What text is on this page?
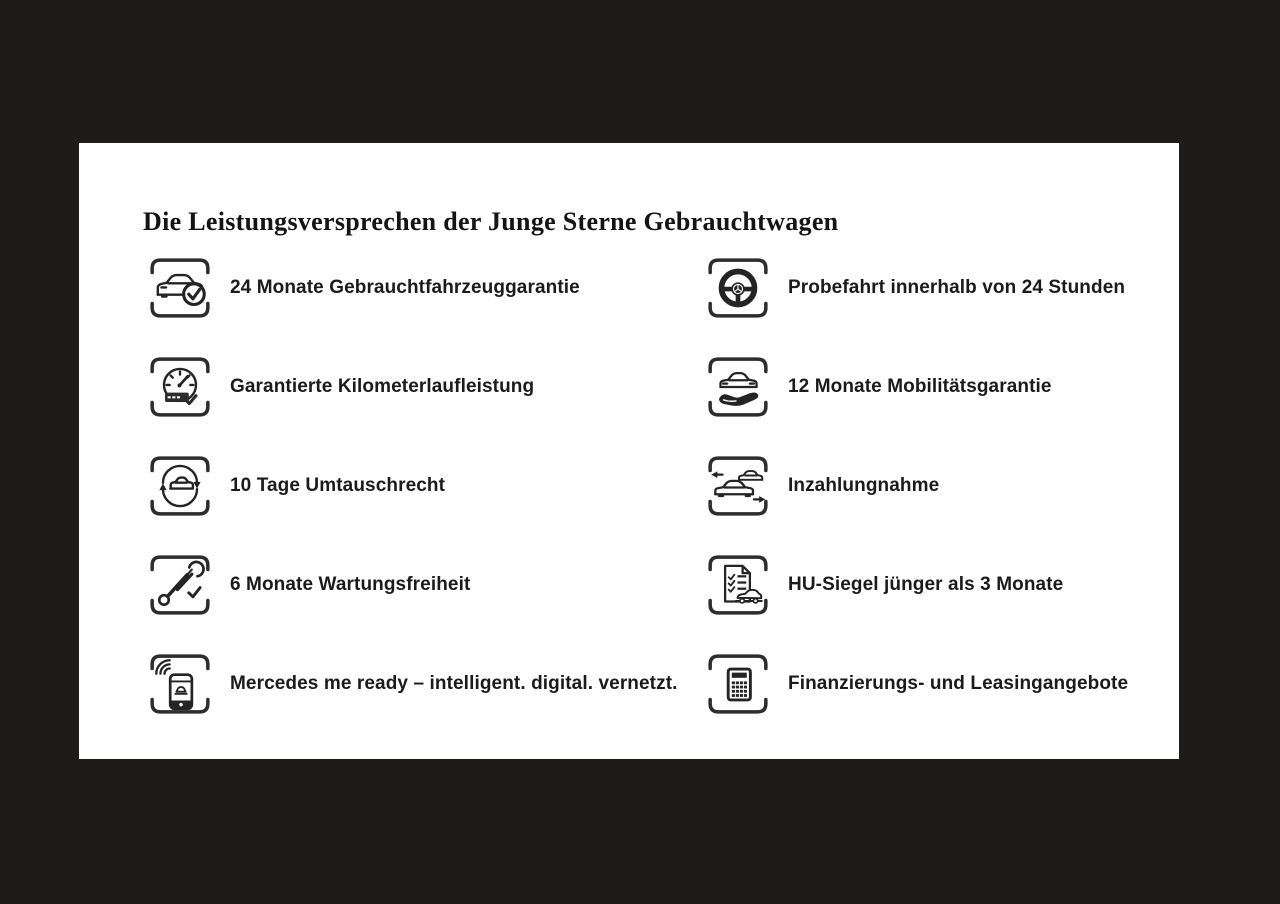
Die Leistungsversprechen der Junge Sterne Gebrauchtwagen
24 Monate Gebrauchtfahrzeuggarantie
Garantierte Kilometerlaufleistung
10 Tage Umtauschrecht
6 Monate Wartungsfreiheit
Mercedes me ready – intelligent. digital. vernetzt.
Probefahrt innerhalb von 24 Stunden
12 Monate Mobilitätsgarantie
Inzahlungnahme
HU-Siegel jünger als 3 Monate
Finanzierungs- und Leasingangebote
